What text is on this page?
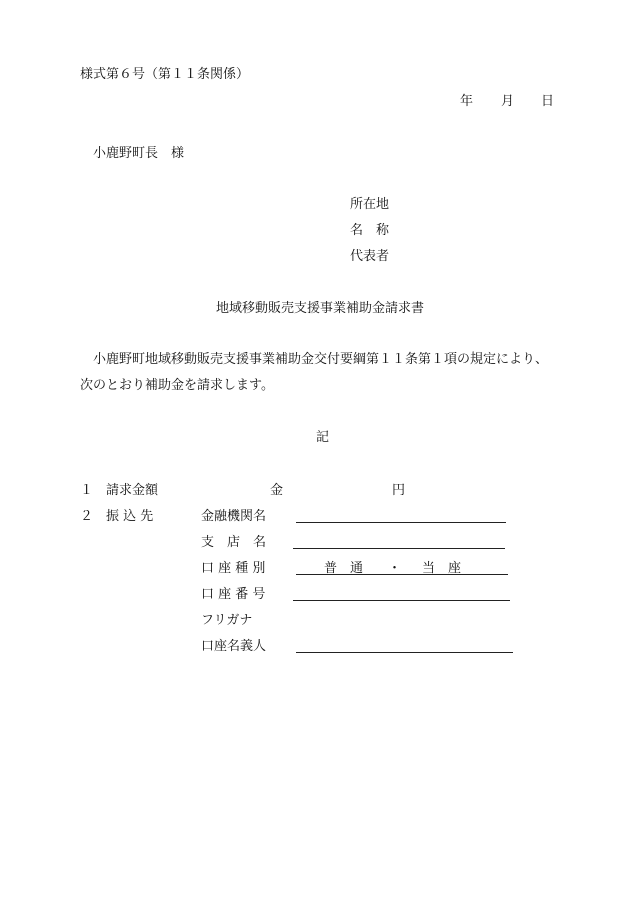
様式第６号（第１１条関係）
年 月 日
小鹿野町長　様
所在地
名　称
代表者
地域移動販売支援事業補助金請求書
小鹿野町地域移動販売支援事業補助金交付要綱第１１条第１項の規定により、
次のとおり補助金を請求します。
記
１ 請求金額	金	円
２ 振 込 先	金融機関名
支　店　名
口 座 種 別	普　通 ・ 当　座
口 座 番 号
フリガナ
口座名義人
